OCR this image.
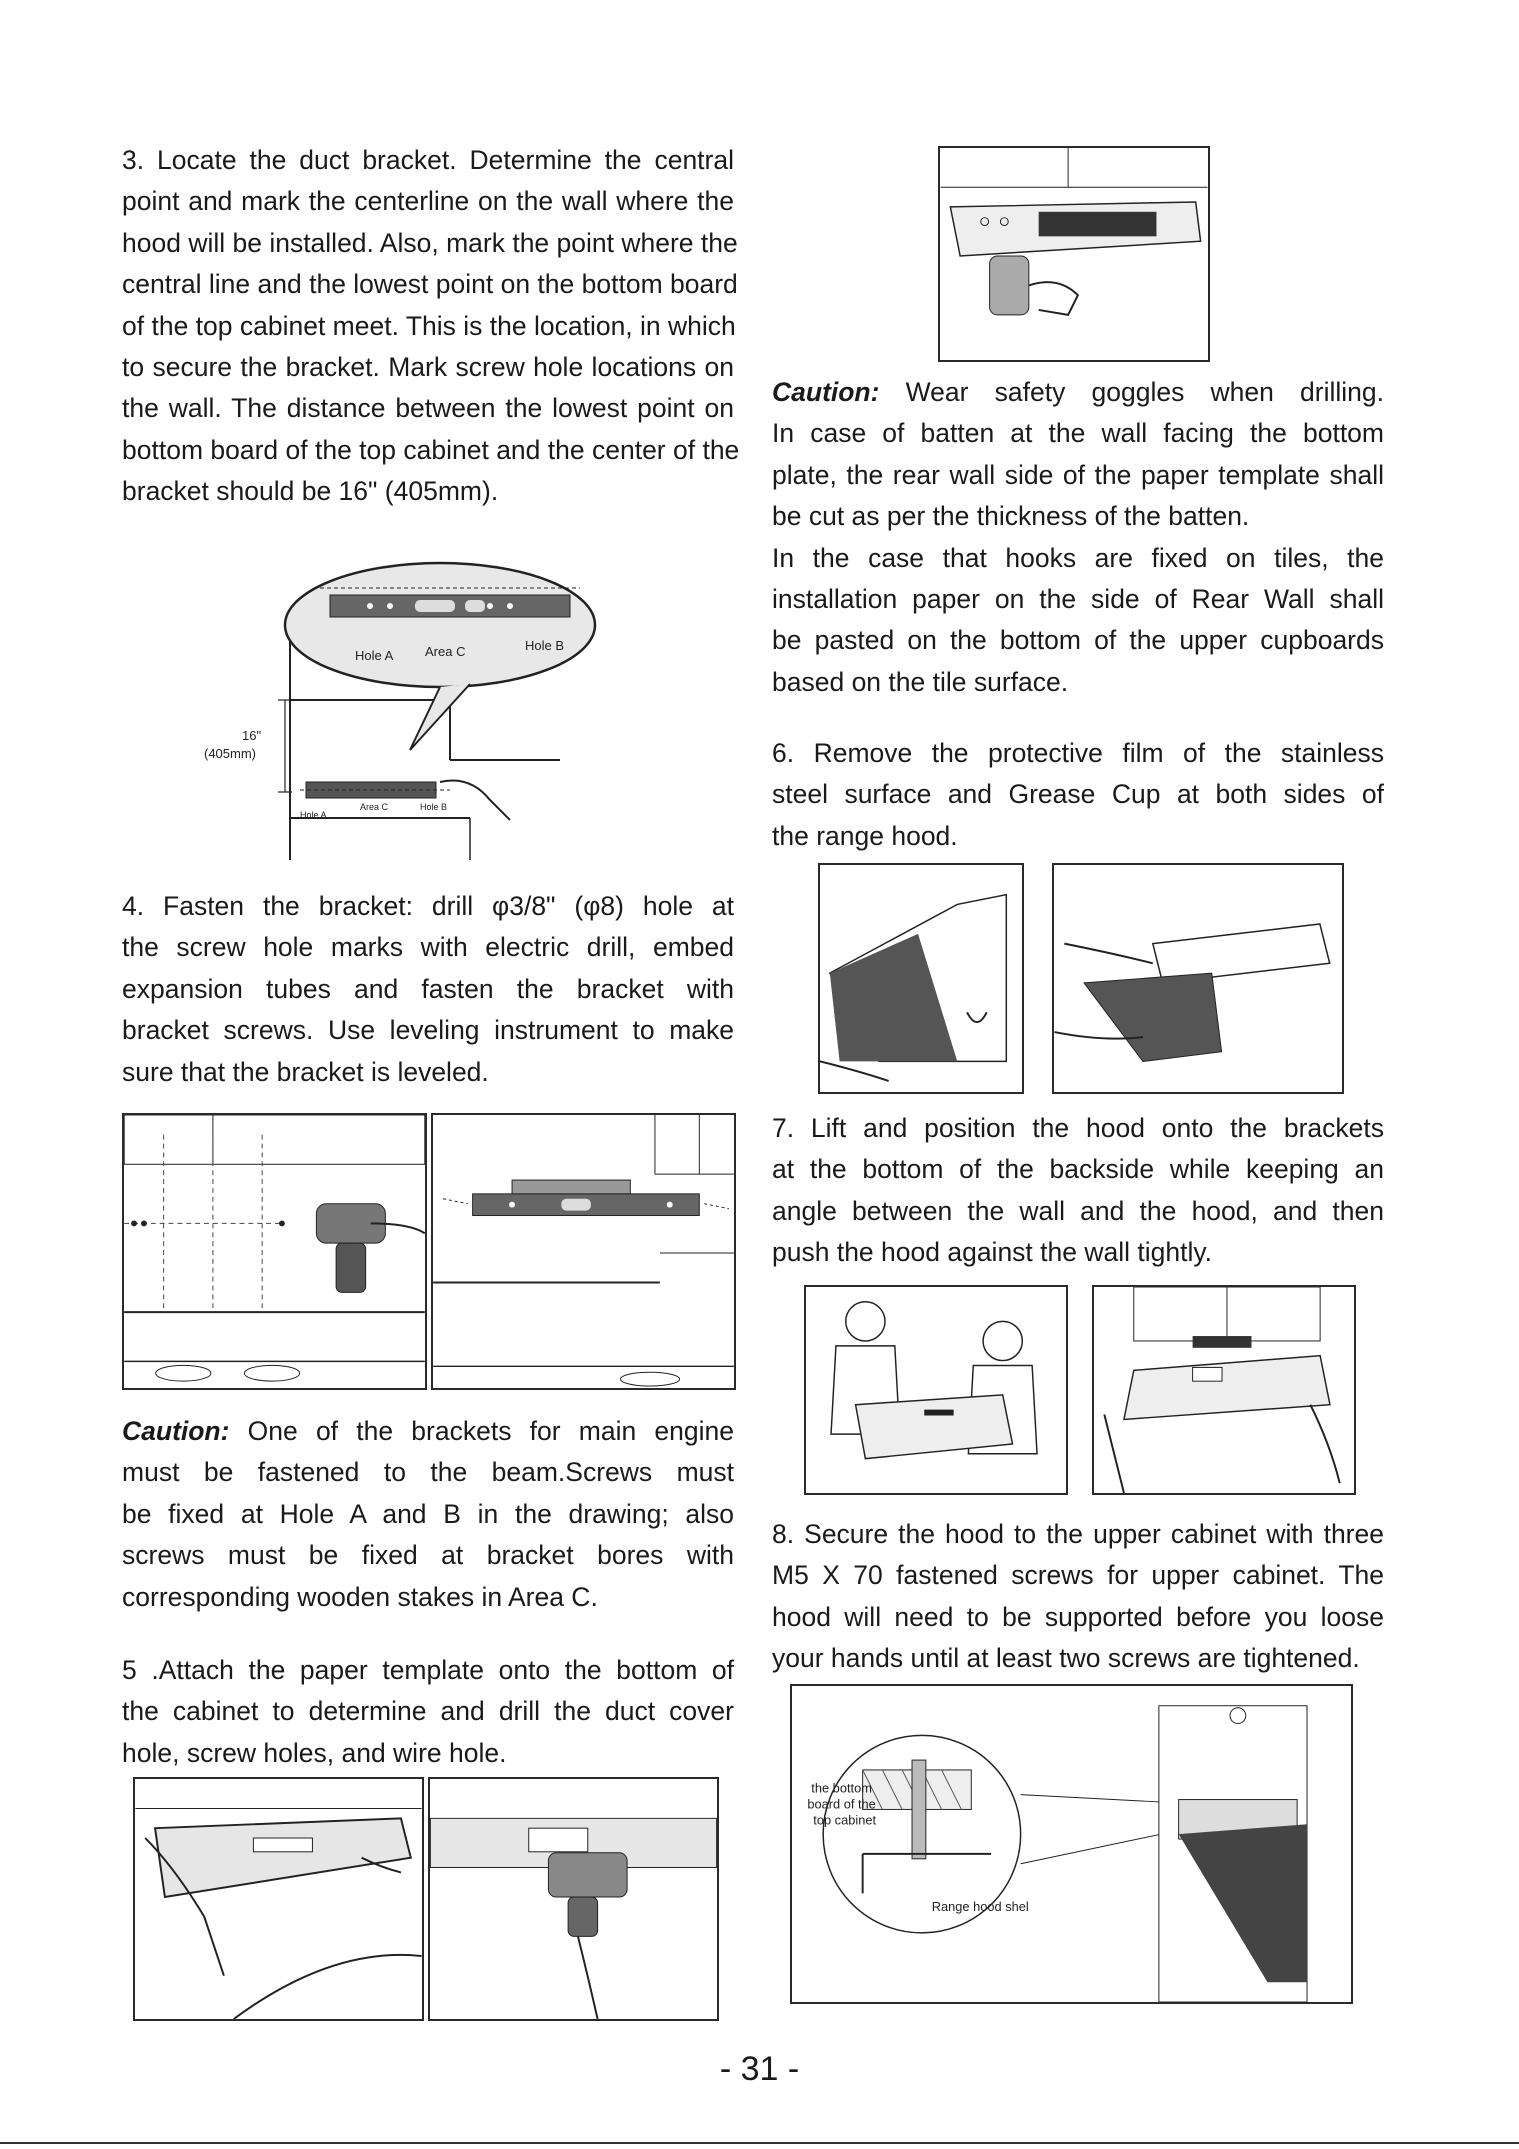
3. Locate the duct bracket. Determine the central
point and mark the centerline on the wall where the
hood will be installed. Also, mark the point where the
central line and the lowest point on the bottom board
of the top cabinet meet. This is the location, in which
to secure the bracket. Mark screw hole locations on
the wall. The distance between the lowest point on
bottom board of the top cabinet and the center of the
bracket should be 16" (405mm).
16"
(405mm)
Hole A
Area C	Hole B
Hole A Area C	Hole B
4. Fasten the bracket: drill φ3/8" (φ8) hole at
the screw hole marks with electric drill, embed
expansion tubes and fasten the bracket with
bracket screws. Use leveling instrument to make
sure that the bracket is leveled.
Caution: One of the brackets for main engine
must be fastened to the beam.Screws must
be fixed at Hole A and B in the drawing; also
screws must be fixed at bracket bores with
corresponding wooden stakes in Area C.
5 .Attach the paper template onto the bottom of
the cabinet to determine and drill the duct cover
hole, screw holes, and wire hole.
Caution: Wear safety goggles when drilling.
In case of batten at the wall facing the bottom
plate, the rear wall side of the paper template shall
be cut as per the thickness of the batten.
In the case that hooks are fixed on tiles, the
installation paper on the side of Rear Wall shall
be pasted on the bottom of the upper cupboards
based on the tile surface.
6. Remove the protective film of the stainless
steel surface and Grease Cup at both sides of
the range hood.
7. Lift and position the hood onto the brackets
at the bottom of the backside while keeping an
angle between the wall and the hood, and then
push the hood against the wall tightly.
8. Secure the hood to the upper cabinet with three
M5 X 70 fastened screws for upper cabinet. The
hood will need to be supported before you loose
your hands until at least two screws are tightened.
the bottom
board of the
top cabinet
Range hood shel
- 31 -
